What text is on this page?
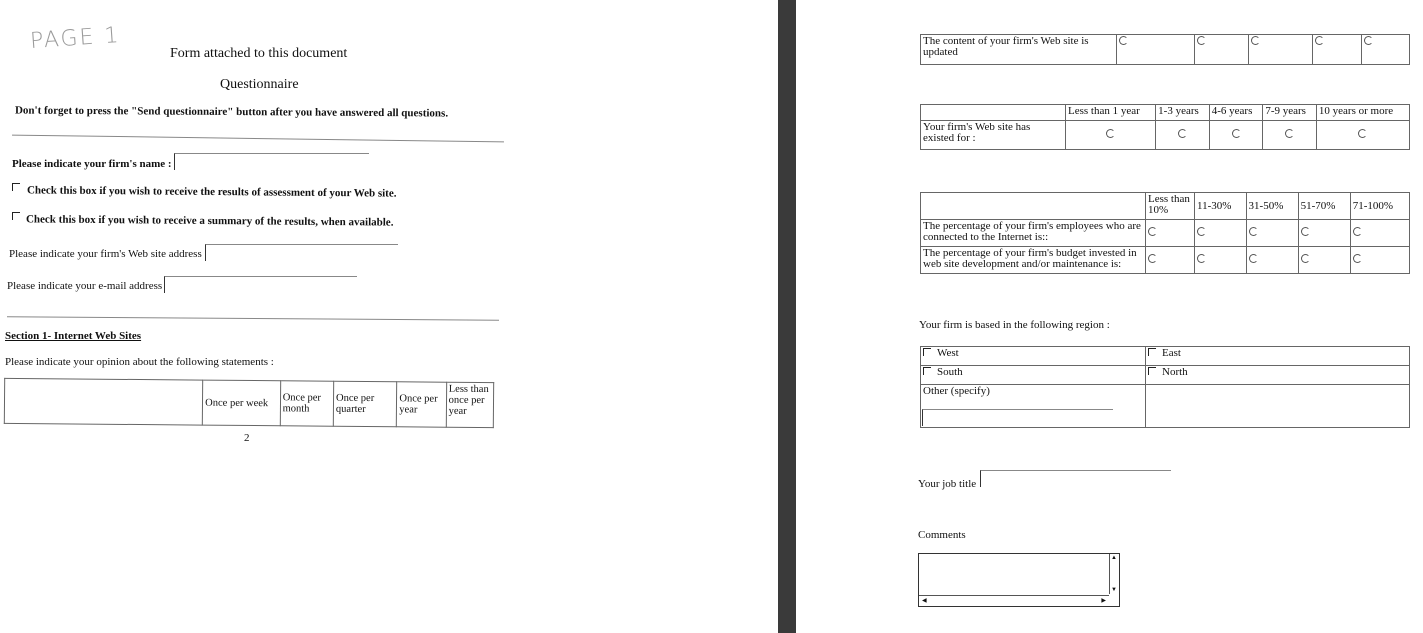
PAGE 1	Form attached to this document
Questionnaire
Don't forget to press the "Send questionnaire" button after you have answered all questions.
Please indicate your firm's name :
Check this box if you wish to receive the results of assessment of your Web site.
Check this box if you wish to receive a summary of the results, when available.
Please indicate your firm's Web site address
Please indicate your e-mail address
Section 1- Internet Web Sites
Please indicate your opinion about the following statements :
	Once per week	Once per month	Once per quarter	Once per year	Less than once per year
2
The content of your firm's Web site is updated					
	Less than 1 year	1-3 years	4-6 years	7-9 years	10 years or more
Your firm's Web site has existed for :					
	Less than 10%	11-30%	31-50%	51-70%	71-100%
The percentage of your firm's employees who are connected to the Internet is::					
The percentage of your firm's budget invested in web site development and/or maintenance is:					
Your firm is based in the following region :
West	East
South	North
Other (specify)

Your job title
Comments
▲
▼
◀	▶
